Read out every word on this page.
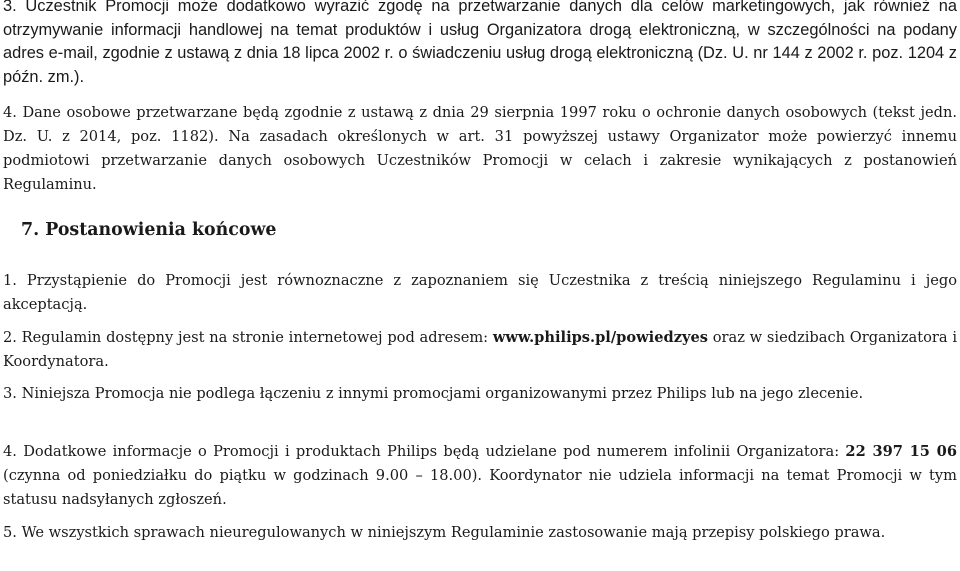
3. Uczestnik Promocji może dodatkowo wyrazić zgodę na przetwarzanie danych dla celów marketingowych, jak również na otrzymywanie informacji handlowej na temat produktów i usług Organizatora drogą elektroniczną, w szczególności na podany adres e-mail, zgodnie z ustawą z dnia 18 lipca 2002 r. o świadczeniu usług drogą elektroniczną (Dz. U. nr 144 z 2002 r. poz. 1204 z późn. zm.).

4. Dane osobowe przetwarzane będą zgodnie z ustawą z dnia 29 sierpnia 1997 roku o ochronie danych osobowych (tekst jedn. Dz. U. z 2014, poz. 1182). Na zasadach określonych w art. 31 powyższej ustawy Organizator może powierzyć innemu podmiotowi przetwarzanie danych osobowych Uczestników Promocji w celach i zakresie wynikających z postanowień Regulaminu.

7. Postanowienia końcowe

1. Przystąpienie do Promocji jest równoznaczne z zapoznaniem się Uczestnika z treścią niniejszego Regulaminu i jego akceptacją.

2. Regulamin dostępny jest na stronie internetowej pod adresem: www.philips.pl/powiedzyes oraz w siedzibach Organizatora i Koordynatora.

3. Niniejsza Promocja nie podlega łączeniu z innymi promocjami organizowanymi przez Philips lub na jego zlecenie.

4. Dodatkowe informacje o Promocji i produktach Philips będą udzielane pod numerem infolinii Organizatora: 22 397 15 06 (czynna od poniedziałku do piątku w godzinach 9.00 – 18.00). Koordynator nie udziela informacji na temat Promocji w tym statusu nadsyłanych zgłoszeń.

5. We wszystkich sprawach nieuregulowanych w niniejszym Regulaminie zastosowanie mają przepisy polskiego prawa.
